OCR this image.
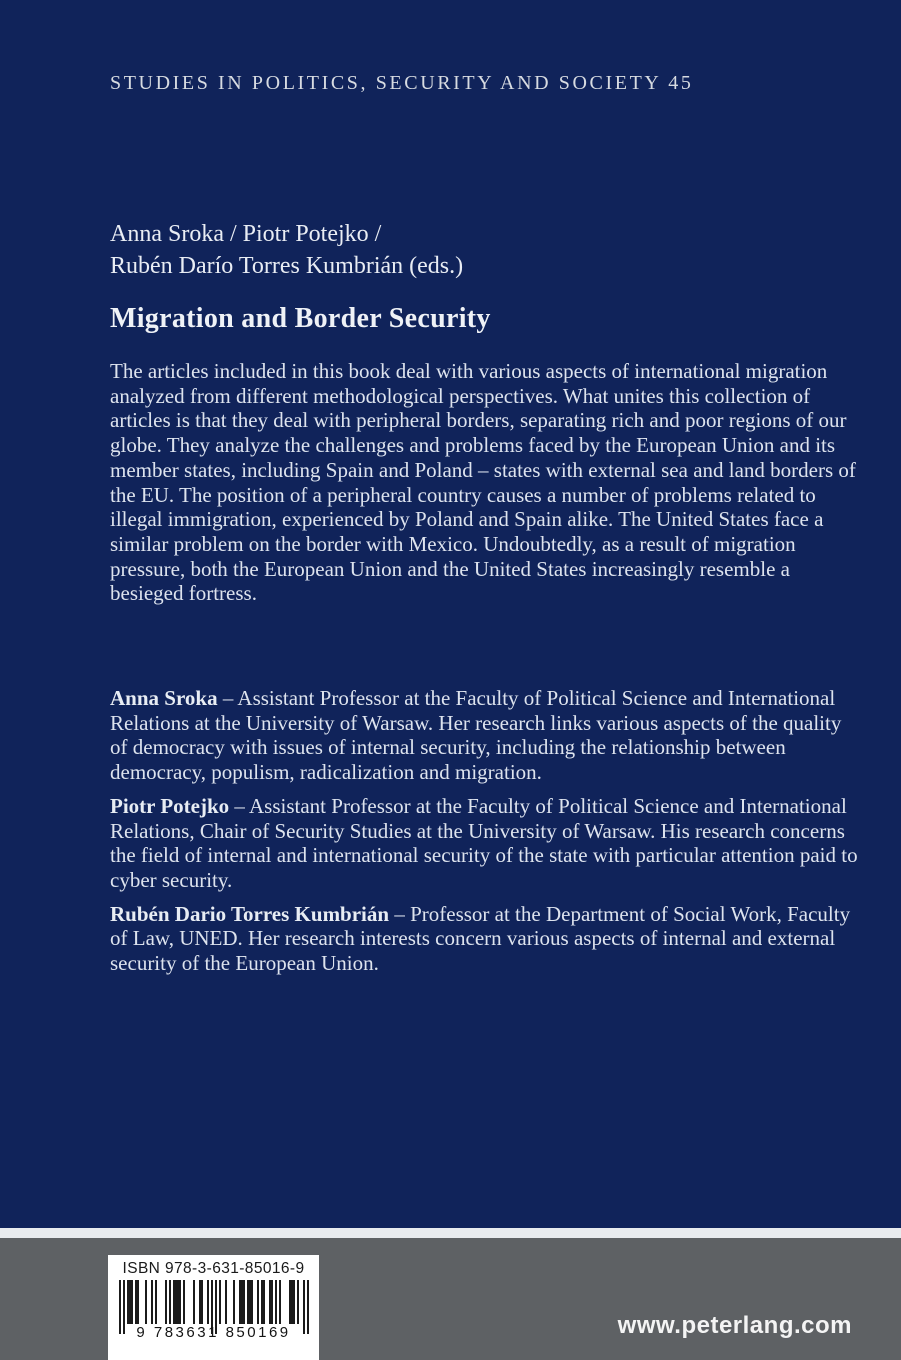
STUDIES IN POLITICS, SECURITY AND SOCIETY 45
Anna Sroka / Piotr Potejko /
Rubén Darío Torres Kumbrián (eds.)
Migration and Border Security
The articles included in this book deal with various aspects of international migration analyzed from different methodological perspectives. What unites this collection of articles is that they deal with peripheral borders, separating rich and poor regions of our globe. They analyze the challenges and problems faced by the European Union and its member states, including Spain and Poland – states with external sea and land borders of the EU. The position of a peripheral country causes a number of problems related to illegal immigration, experienced by Poland and Spain alike. The United States face a similar problem on the border with Mexico. Undoubtedly, as a result of migration pressure, both the European Union and the United States increasingly resemble a besieged fortress.

Anna Sroka – Assistant Professor at the Faculty of Political Science and International Relations at the University of Warsaw. Her research links various aspects of the quality of democracy with issues of internal security, including the relationship between democracy, populism, radicalization and migration.

Piotr Potejko – Assistant Professor at the Faculty of Political Science and International Relations, Chair of Security Studies at the University of Warsaw. His research concerns the field of internal and international security of the state with particular attention paid to cyber security.

Rubén Dario Torres Kumbrián – Professor at the Department of Social Work, Faculty of Law, UNED. Her research interests concern various aspects of internal and external security of the European Union.

ISBN 978-3-631-85016-9
9 783631 850169	www.peterlang.com
